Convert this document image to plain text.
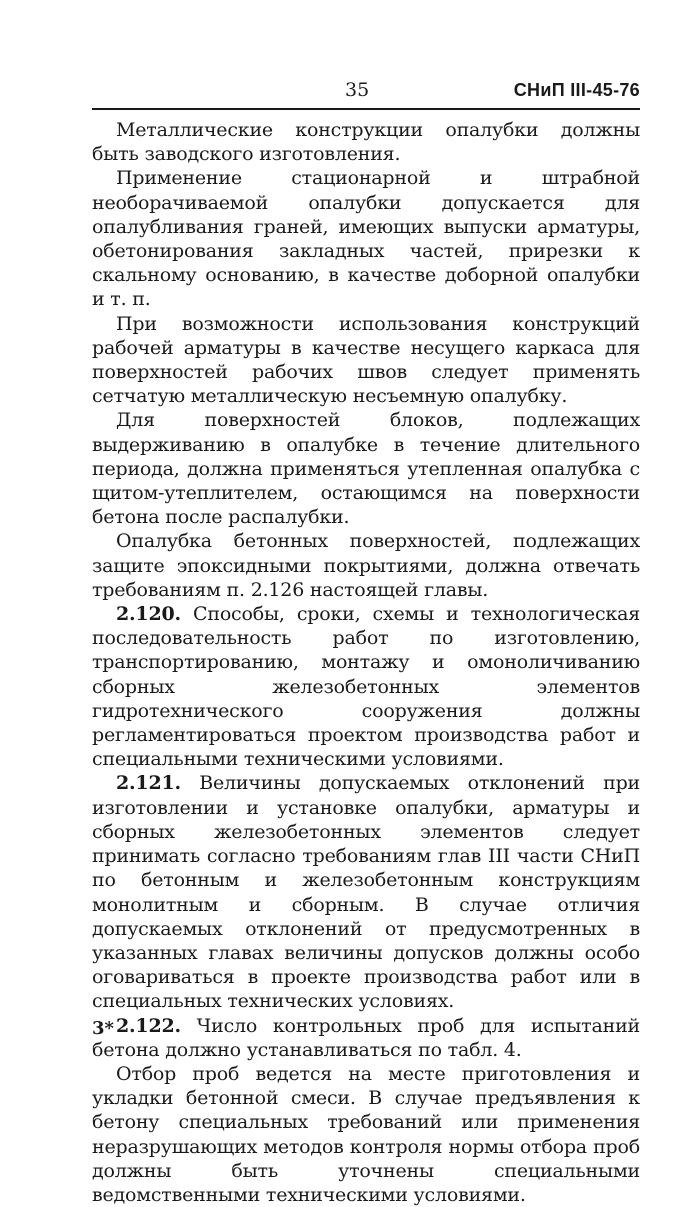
35	СНиП III-45-76

Металлические конструкции опалубки должны быть заводского изготовления.

Применение стационарной и штрабной необорачиваемой опалубки допускается для опалубливания граней, имеющих выпуски арматуры, обетонирования закладных частей, прирезки к скальному основанию, в качестве доборной опалубки и т. п.

При возможности использования конструкций рабочей арматуры в качестве несущего каркаса для поверхностей рабочих швов следует применять сетчатую металлическую несъемную опалубку.

Для поверхностей блоков, подлежащих выдерживанию в опалубке в течение длительного периода, должна применяться утепленная опалубка с щитом-утеплителем, остающимся на поверхности бетона после распалубки.

Опалубка бетонных поверхностей, подлежащих защите эпоксидными покрытиями, должна отвечать требованиям п. 2.126 настоящей главы.

2.120. Способы, сроки, схемы и технологическая последовательность работ по изготовлению, транспортированию, монтажу и омоноличиванию сборных железобетонных элементов гидротехнического сооружения должны регламентироваться проектом производства работ и специальными техническими условиями.

2.121. Величины допускаемых отклонений при изготовлении и установке опалубки, арматуры и сборных железобетонных элементов следует принимать согласно требованиям глав III части СНиП по бетонным и железобетонным конструкциям монолитным и сборным. В случае отличия допускаемых отклонений от предусмотренных в указанных главах величины допусков должны особо оговариваться в проекте производства работ или в специальных технических условиях.

2.122. Число контрольных проб для испытаний бетона должно устанавливаться по табл. 4.

Отбор проб ведется на месте приготовления и укладки бетонной смеси. В случае предъявления к бетону специальных требований или применения неразрушающих методов контроля нормы отбора проб должны быть уточнены специальными ведомственными техническими условиями.

3*
